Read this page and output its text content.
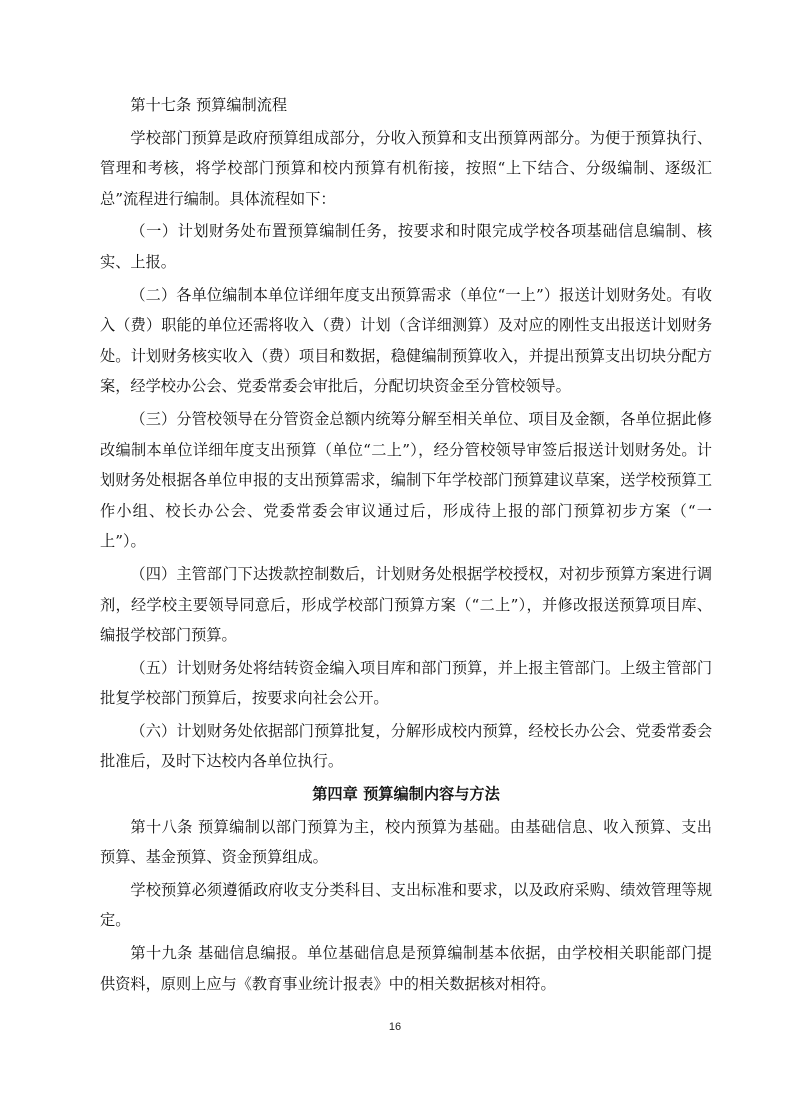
第十七条 预算编制流程

学校部门预算是政府预算组成部分，分收入预算和支出预算两部分。为便于预算执行、管理和考核，将学校部门预算和校内预算有机衔接，按照“上下结合、分级编制、逐级汇总”流程进行编制。具体流程如下：

（一）计划财务处布置预算编制任务，按要求和时限完成学校各项基础信息编制、核实、上报。

（二）各单位编制本单位详细年度支出预算需求（单位“一上”）报送计划财务处。有收入（费）职能的单位还需将收入（费）计划（含详细测算）及对应的刚性支出报送计划财务处。计划财务核实收入（费）项目和数据，稳健编制预算收入，并提出预算支出切块分配方案，经学校办公会、党委常委会审批后，分配切块资金至分管校领导。

（三）分管校领导在分管资金总额内统筹分解至相关单位、项目及金额，各单位据此修改编制本单位详细年度支出预算（单位“二上”），经分管校领导审签后报送计划财务处。计划财务处根据各单位申报的支出预算需求，编制下年学校部门预算建议草案，送学校预算工作小组、校长办公会、党委常委会审议通过后，形成待上报的部门预算初步方案（“一上”）。

（四）主管部门下达拨款控制数后，计划财务处根据学校授权，对初步预算方案进行调剂，经学校主要领导同意后，形成学校部门预算方案（“二上”），并修改报送预算项目库、编报学校部门预算。

（五）计划财务处将结转资金编入项目库和部门预算，并上报主管部门。上级主管部门批复学校部门预算后，按要求向社会公开。

（六）计划财务处依据部门预算批复，分解形成校内预算，经校长办公会、党委常委会批准后，及时下达校内各单位执行。

第四章 预算编制内容与方法

第十八条 预算编制以部门预算为主，校内预算为基础。由基础信息、收入预算、支出预算、基金预算、资金预算组成。

学校预算必须遵循政府收支分类科目、支出标准和要求，以及政府采购、绩效管理等规定。

第十九条 基础信息编报。单位基础信息是预算编制基本依据，由学校相关职能部门提供资料，原则上应与《教育事业统计报表》中的相关数据核对相符。

16
